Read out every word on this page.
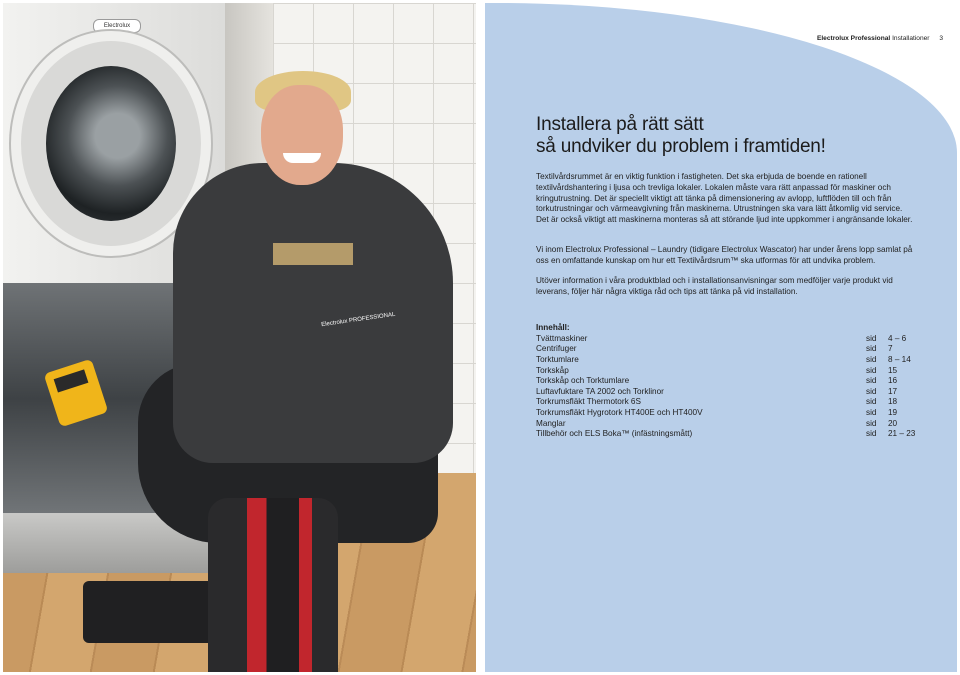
Electrolux
Electrolux PROFESSIONAL
Electrolux Professional Installationer 3
Installera på rätt sätt
så undviker du problem i framtiden!

Textilvårdsrummet är en viktig funktion i fastigheten. Det ska erbjuda de boende en rationell textilvårdshantering i ljusa och trevliga lokaler. Lokalen måste vara rätt anpassad för maskiner och kringutrustning. Det är speciellt viktigt att tänka på dimensionering av avlopp, luftflöden till och från torkutrustningar och värmeavgivning från maskinerna. Utrustningen ska vara lätt åtkomlig vid service. Det är också viktigt att maskinerna monteras så att störande ljud inte uppkommer i angränsande lokaler.

Vi inom Electrolux Professional – Laundry (tidigare Electrolux Wascator) har under årens lopp samlat på oss en omfattande kunskap om hur ett Textilvårdsrum™ ska utformas för att undvika problem.

Utöver information i våra produktblad och i installationsanvisningar som medföljer varje produkt vid leverans, följer här några viktiga råd och tips att tänka på vid installation.

Innehåll:
Tvättmaskiner	sid	4 – 6
Centrifuger	sid	7
Torktumlare	sid	8 – 14
Torkskåp	sid	15
Torkskåp och Torktumlare	sid	16
Luftavfuktare TA 2002 och Torklinor	sid	17
Torkrumsfläkt Thermotork 6S	sid	18
Torkrumsfläkt Hygrotork HT400E och HT400V	sid	19
Manglar	sid	20
Tillbehör och ELS Boka™ (infästningsmått)	sid	21 – 23
